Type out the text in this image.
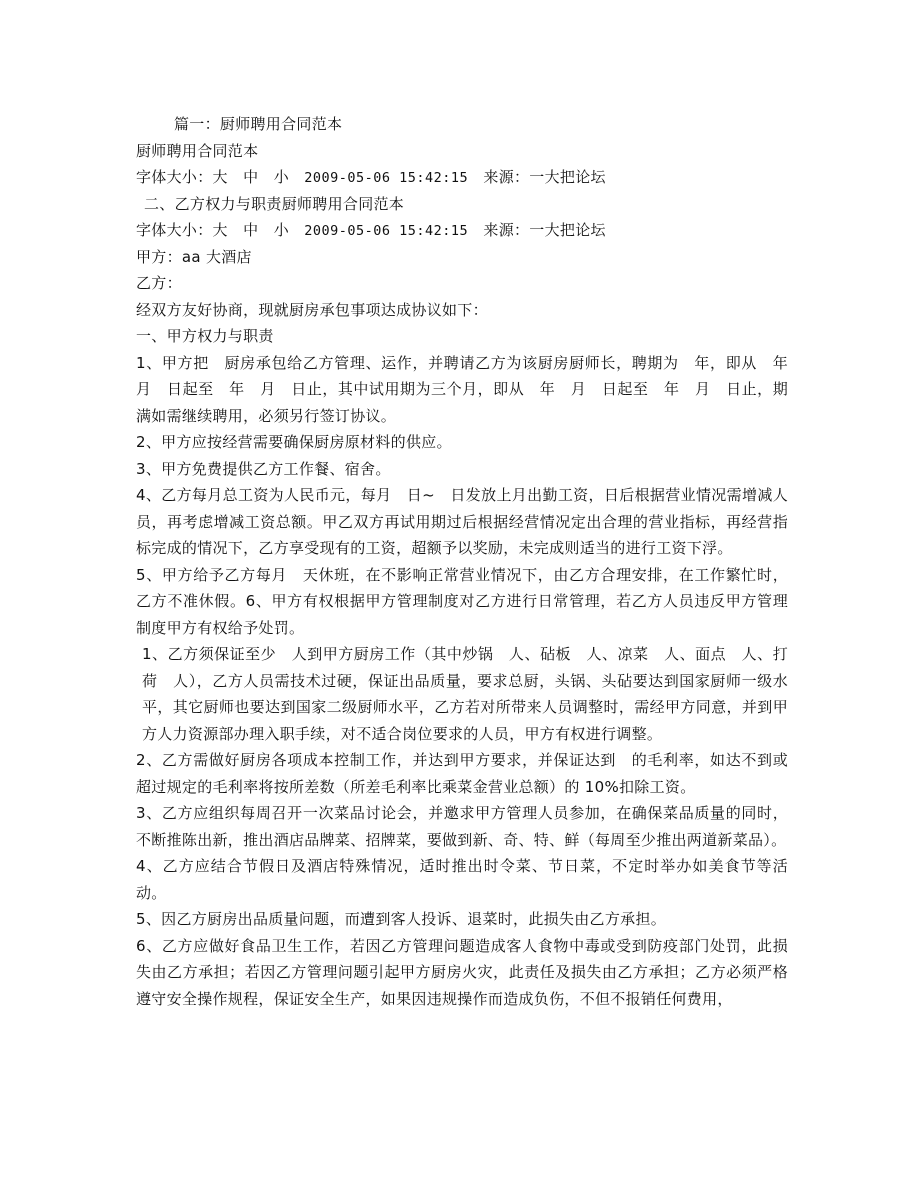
篇一：厨师聘用合同范本
厨师聘用合同范本
字体大小：大　中　小 2009-05-06 15:42:15 来源：一大把论坛
二、乙方权力与职责厨师聘用合同范本
字体大小：大　中　小 2009-05-06 15:42:15 来源：一大把论坛
甲方：aa 大酒店
乙方：
经双方友好协商，现就厨房承包事项达成协议如下：
一、甲方权力与职责
1、甲方把　厨房承包给乙方管理、运作，并聘请乙方为该厨房厨师长，聘期为　年，即从　年　月　日起至　年　月　日止，其中试用期为三个月，即从　年　月　日起至　年　月　日止，期满如需继续聘用，必须另行签订协议。
2、甲方应按经营需要确保厨房原材料的供应。
3、甲方免费提供乙方工作餐、宿舍。
4、乙方每月总工资为人民币元，每月　日~　日发放上月出勤工资，日后根据营业情况需增减人员，再考虑增减工资总额。甲乙双方再试用期过后根据经营情况定出合理的营业指标，再经营指标完成的情况下，乙方享受现有的工资，超额予以奖励，未完成则适当的进行工资下浮。
5、甲方给予乙方每月　天休班，在不影响正常营业情况下，由乙方合理安排，在工作繁忙时，乙方不准休假。6、甲方有权根据甲方管理制度对乙方进行日常管理，若乙方人员违反甲方管理制度甲方有权给予处罚。
1、乙方须保证至少　人到甲方厨房工作（其中炒锅　人、砧板　人、凉菜　人、面点　人、打荷　人），乙方人员需技术过硬，保证出品质量，要求总厨，头锅、头砧要达到国家厨师一级水平，其它厨师也要达到国家二级厨师水平，乙方若对所带来人员调整时，需经甲方同意，并到甲方人力资源部办理入职手续，对不适合岗位要求的人员，甲方有权进行调整。
2、乙方需做好厨房各项成本控制工作，并达到甲方要求，并保证达到　的毛利率，如达不到或超过规定的毛利率将按所差数（所差毛利率比乘菜金营业总额）的 10%扣除工资。
3、乙方应组织每周召开一次菜品讨论会，并邀求甲方管理人员参加，在确保菜品质量的同时，不断推陈出新，推出酒店品牌菜、招牌菜，要做到新、奇、特、鲜（每周至少推出两道新菜品）。
4、乙方应结合节假日及酒店特殊情况，适时推出时令菜、节日菜，不定时举办如美食节等活动。
5、因乙方厨房出品质量问题，而遭到客人投诉、退菜时，此损失由乙方承担。
6、乙方应做好食品卫生工作，若因乙方管理问题造成客人食物中毒或受到防疫部门处罚，此损失由乙方承担；若因乙方管理问题引起甲方厨房火灾，此责任及损失由乙方承担；乙方必须严格遵守安全操作规程，保证安全生产，如果因违规操作而造成负伤，不但不报销任何费用，
